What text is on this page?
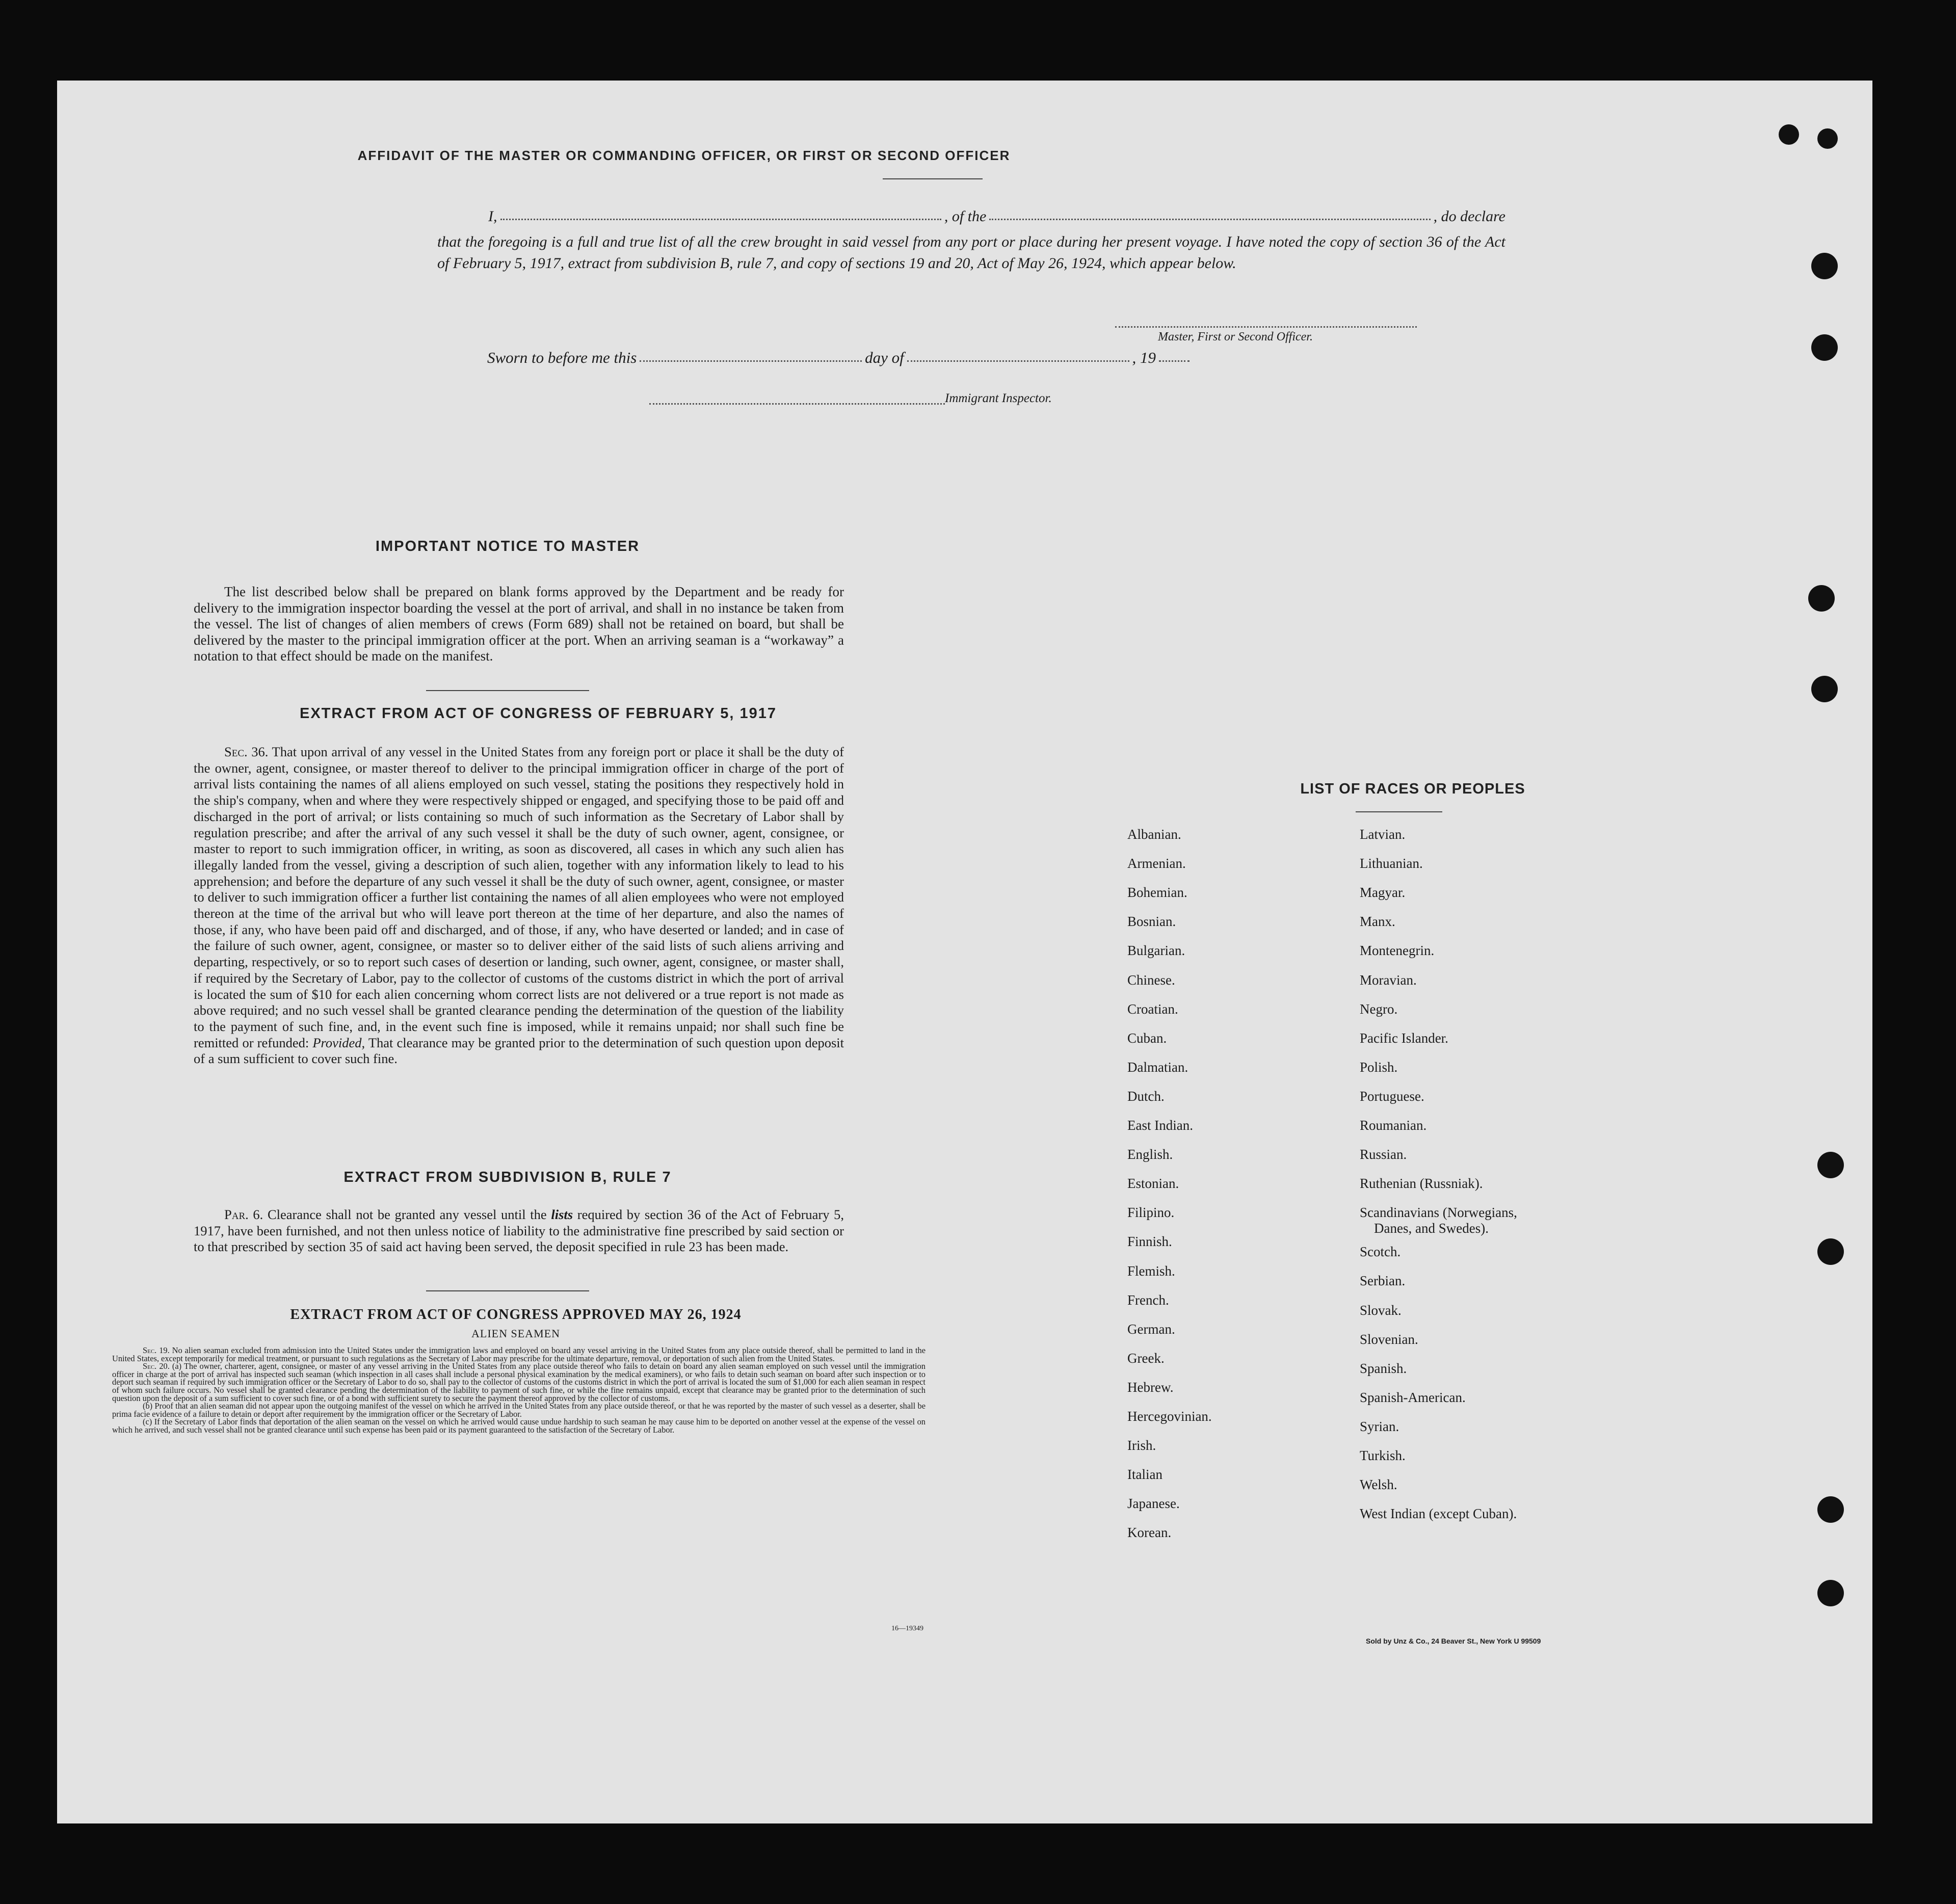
AFFIDAVIT OF THE MASTER OR COMMANDING OFFICER, OR FIRST OR SECOND OFFICER
I,	, of the	, do declare
that the foregoing is a full and true list of all the crew brought in said vessel from any port or place during her present voyage. I have noted the copy of section 36 of the Act of February 5, 1917, extract from subdivision B, rule 7, and copy of sections 19 and 20, Act of May 26, 1924, which appear below.
Master, First or Second Officer.
Sworn to before me this	day of	, 19
Immigrant Inspector.
IMPORTANT NOTICE TO MASTER
The list described below shall be prepared on blank forms approved by the Department and be ready for delivery to the immigration inspector boarding the vessel at the port of arrival, and shall in no instance be taken from the vessel. The list of changes of alien members of crews (Form 689) shall not be retained on board, but shall be delivered by the master to the principal immigration officer at the port. When an arriving seaman is a “workaway” a notation to that effect should be made on the manifest.
EXTRACT FROM ACT OF CONGRESS OF FEBRUARY 5, 1917
Sec. 36. That upon arrival of any vessel in the United States from any foreign port or place it shall be the duty of the owner, agent, consignee, or master thereof to deliver to the principal immigration officer in charge of the port of arrival lists containing the names of all aliens employed on such vessel, stating the positions they respectively hold in the ship's company, when and where they were respectively shipped or engaged, and specifying those to be paid off and discharged in the port of arrival; or lists containing so much of such information as the Secretary of Labor shall by regulation prescribe; and after the arrival of any such vessel it shall be the duty of such owner, agent, consignee, or master to report to such immigration officer, in writing, as soon as discovered, all cases in which any such alien has illegally landed from the vessel, giving a description of such alien, together with any information likely to lead to his apprehension; and before the departure of any such vessel it shall be the duty of such owner, agent, consignee, or master to deliver to such immigration officer a further list containing the names of all alien employees who were not employed thereon at the time of the arrival but who will leave port thereon at the time of her departure, and also the names of those, if any, who have been paid off and discharged, and of those, if any, who have deserted or landed; and in case of the failure of such owner, agent, consignee, or master so to deliver either of the said lists of such aliens arriving and departing, respectively, or so to report such cases of desertion or landing, such owner, agent, consignee, or master shall, if required by the Secretary of Labor, pay to the collector of customs of the customs district in which the port of arrival is located the sum of $10 for each alien concerning whom correct lists are not delivered or a true report is not made as above required; and no such vessel shall be granted clearance pending the determination of the question of the liability to the payment of such fine, and, in the event such fine is imposed, while it remains unpaid; nor shall such fine be remitted or refunded: Provided, That clearance may be granted prior to the determination of such question upon deposit of a sum sufficient to cover such fine.
EXTRACT FROM SUBDIVISION B, RULE 7
Par. 6. Clearance shall not be granted any vessel until the lists required by section 36 of the Act of February 5, 1917, have been furnished, and not then unless notice of liability to the administrative fine prescribed by said section or to that prescribed by section 35 of said act having been served, the deposit specified in rule 23 has been made.
EXTRACT FROM ACT OF CONGRESS APPROVED MAY 26, 1924
ALIEN SEAMEN
Sec. 19. No alien seaman excluded from admission into the United States under the immigration laws and employed on board any vessel arriving in the United States from any place outside thereof, shall be permitted to land in the United States, except temporarily for medical treatment, or pursuant to such regulations as the Secretary of Labor may prescribe for the ultimate departure, removal, or deportation of such alien from the United States.
Sec. 20. (a) The owner, charterer, agent, consignee, or master of any vessel arriving in the United States from any place outside thereof who fails to detain on board any alien seaman employed on such vessel until the immigration officer in charge at the port of arrival has inspected such seaman (which inspection in all cases shall include a personal physical examination by the medical examiners), or who fails to detain such seaman on board after such inspection or to deport such seaman if required by such immigration officer or the Secretary of Labor to do so, shall pay to the collector of customs of the customs district in which the port of arrival is located the sum of $1,000 for each alien seaman in respect of whom such failure occurs. No vessel shall be granted clearance pending the determination of the liability to payment of such fine, or while the fine remains unpaid, except that clearance may be granted prior to the determination of such question upon the deposit of a sum sufficient to cover such fine, or of a bond with sufficient surety to secure the payment thereof approved by the collector of customs.
(b) Proof that an alien seaman did not appear upon the outgoing manifest of the vessel on which he arrived in the United States from any place outside thereof, or that he was reported by the master of such vessel as a deserter, shall be prima facie evidence of a failure to detain or deport after requirement by the immigration officer or the Secretary of Labor.
(c) If the Secretary of Labor finds that deportation of the alien seaman on the vessel on which he arrived would cause undue hardship to such seaman he may cause him to be deported on another vessel at the expense of the vessel on which he arrived, and such vessel shall not be granted clearance until such expense has been paid or its payment guaranteed to the satisfaction of the Secretary of Labor.
16—19349
LIST OF RACES OR PEOPLES
Albanian.
Armenian.
Bohemian.
Bosnian.
Bulgarian.
Chinese.
Croatian.
Cuban.
Dalmatian.
Dutch.
East Indian.
English.
Estonian.
Filipino.
Finnish.
Flemish.
French.
German.
Greek.
Hebrew.
Hercegovinian.
Irish.
Italian
Japanese.
Korean.
Latvian.
Lithuanian.
Magyar.
Manx.
Montenegrin.
Moravian.
Negro.
Pacific Islander.
Polish.
Portuguese.
Roumanian.
Russian.
Ruthenian (Russniak).
Scandinavians (Norwegians,
Danes, and Swedes).
Scotch.
Serbian.
Slovak.
Slovenian.
Spanish.
Spanish-American.
Syrian.
Turkish.
Welsh.
West Indian (except Cuban).
Sold by Unz & Co., 24 Beaver St., New York U 99509
